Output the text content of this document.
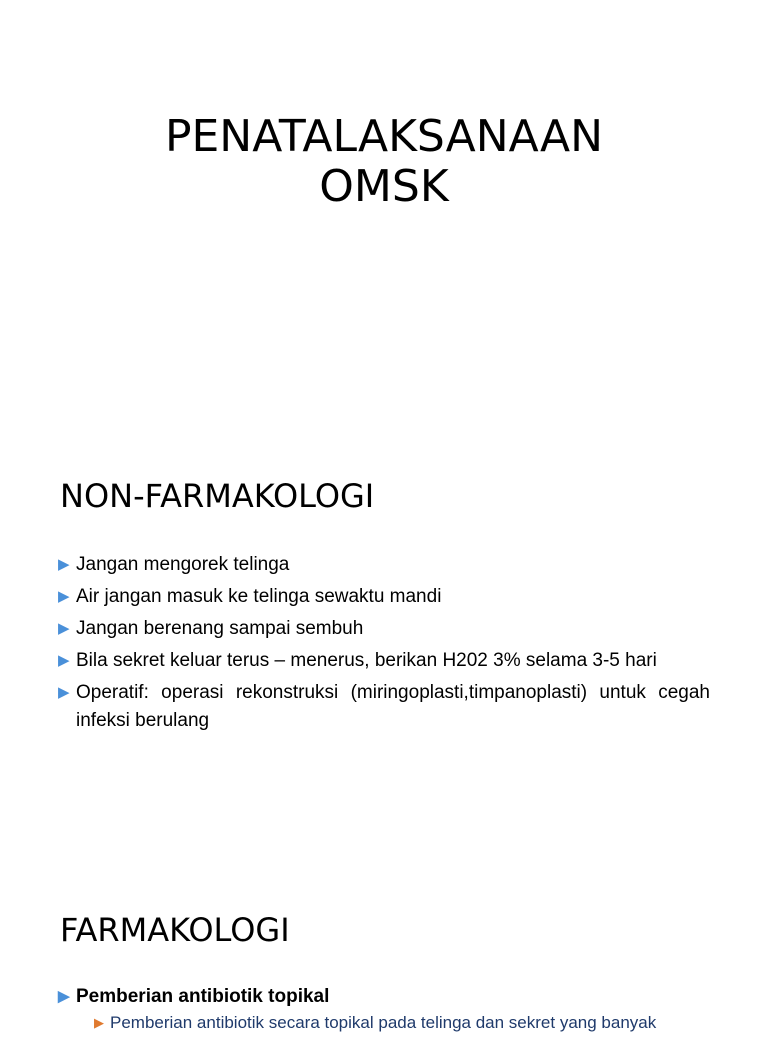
PENATALAKSANAAN
OMSK
NON-FARMAKOLOGI
▶ Jangan mengorek telinga
▶ Air jangan masuk ke telinga sewaktu mandi
▶ Jangan berenang sampai sembuh
▶ Bila sekret keluar terus – menerus, berikan H202 3% selama 3-5 hari
▶ Operatif: operasi rekonstruksi (miringoplasti,timpanoplasti) untuk cegah infeksi berulang
FARMAKOLOGI
▶ Pemberian antibiotik topikal
▶ Pemberian antibiotik secara topikal pada telinga dan sekret yang banyak
